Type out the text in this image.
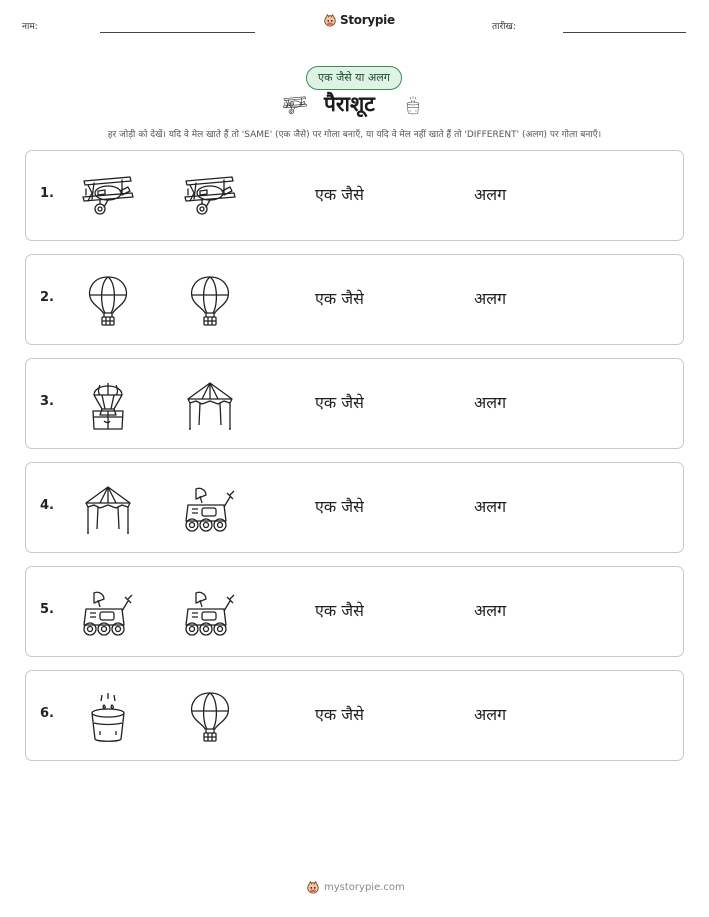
नाम:	Storypie	तारीख:
एक जैसे या अलग
पैराशूट
हर जोड़ी को देखें। यदि वे मेल खाते हैं तो 'SAME' (एक जैसे) पर गोला बनाएँ, या यदि वे मेल नहीं खाते हैं तो 'DIFFERENT' (अलग) पर गोला बनाएँ।
1.	एक जैसे	अलग
2.	एक जैसे	अलग
3.	एक जैसे	अलग
4.	एक जैसे	अलग
5.	एक जैसे	अलग
6.	एक जैसे	अलग
mystorypie.com
